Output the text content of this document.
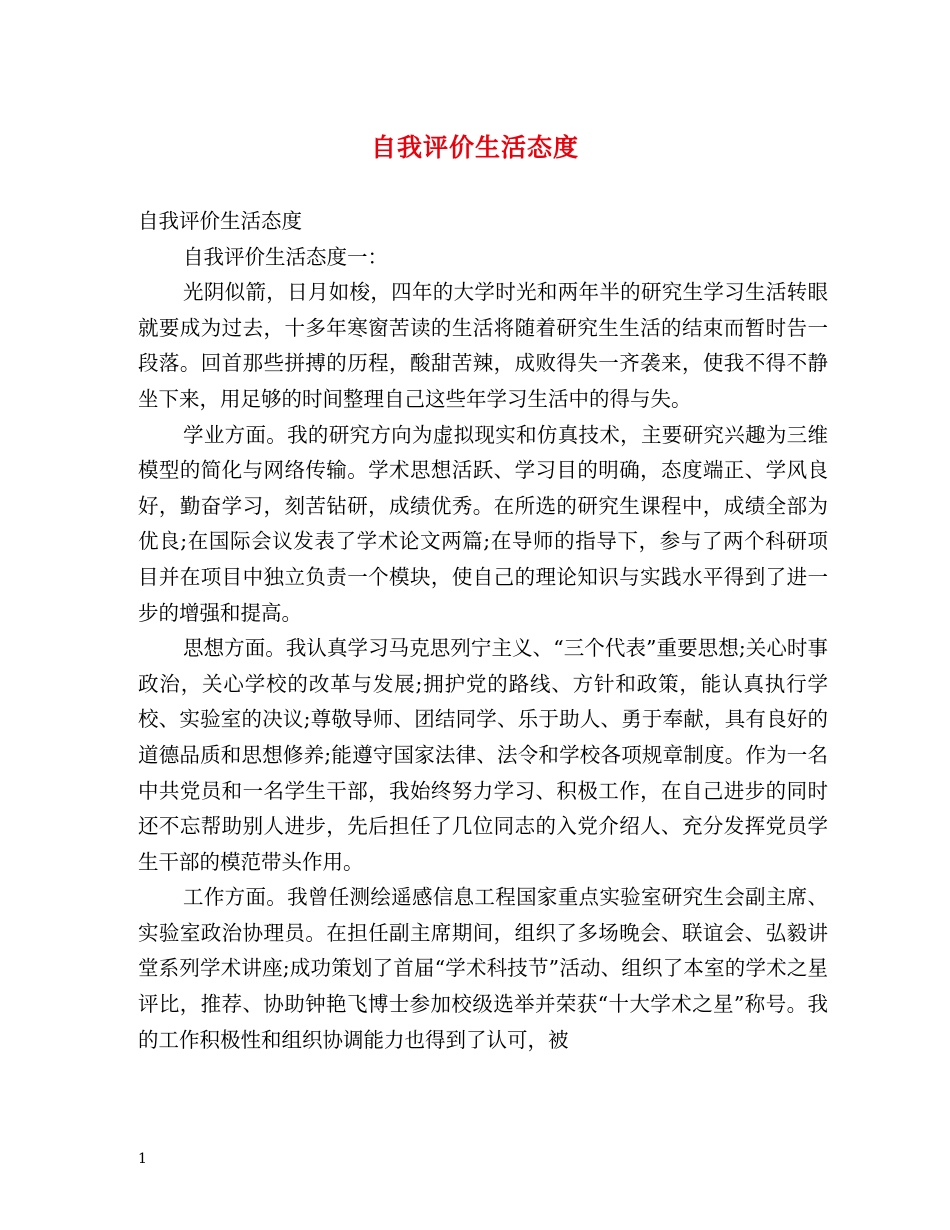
自我评价生活态度

自我评价生活态度

自我评价生活态度一：

光阴似箭，日月如梭，四年的大学时光和两年半的研究生学习生活转眼就要成为过去，十多年寒窗苦读的生活将随着研究生生活的结束而暂时告一段落。回首那些拼搏的历程，酸甜苦辣，成败得失一齐袭来，使我不得不静坐下来，用足够的时间整理自己这些年学习生活中的得与失。

学业方面。我的研究方向为虚拟现实和仿真技术，主要研究兴趣为三维模型的简化与网络传输。学术思想活跃、学习目的明确，态度端正、学风良好，勤奋学习，刻苦钻研，成绩优秀。在所选的研究生课程中，成绩全部为优良;在国际会议发表了学术论文两篇;在导师的指导下，参与了两个科研项目并在项目中独立负责一个模块，使自己的理论知识与实践水平得到了进一步的增强和提高。

思想方面。我认真学习马克思列宁主义、“三个代表”重要思想;关心时事政治，关心学校的改革与发展;拥护党的路线、方针和政策，能认真执行学校、实验室的决议;尊敬导师、团结同学、乐于助人、勇于奉献，具有良好的道德品质和思想修养;能遵守国家法律、法令和学校各项规章制度。作为一名中共党员和一名学生干部，我始终努力学习、积极工作，在自己进步的同时还不忘帮助别人进步，先后担任了几位同志的入党介绍人、充分发挥党员学生干部的模范带头作用。

工作方面。我曾任测绘遥感信息工程国家重点实验室研究生会副主席、实验室政治协理员。在担任副主席期间，组织了多场晚会、联谊会、弘毅讲堂系列学术讲座;成功策划了首届“学术科技节”活动、组织了本室的学术之星评比，推荐、协助钟艳飞博士参加校级选举并荣获“十大学术之星”称号。我的工作积极性和组织协调能力也得到了认可，被

1
